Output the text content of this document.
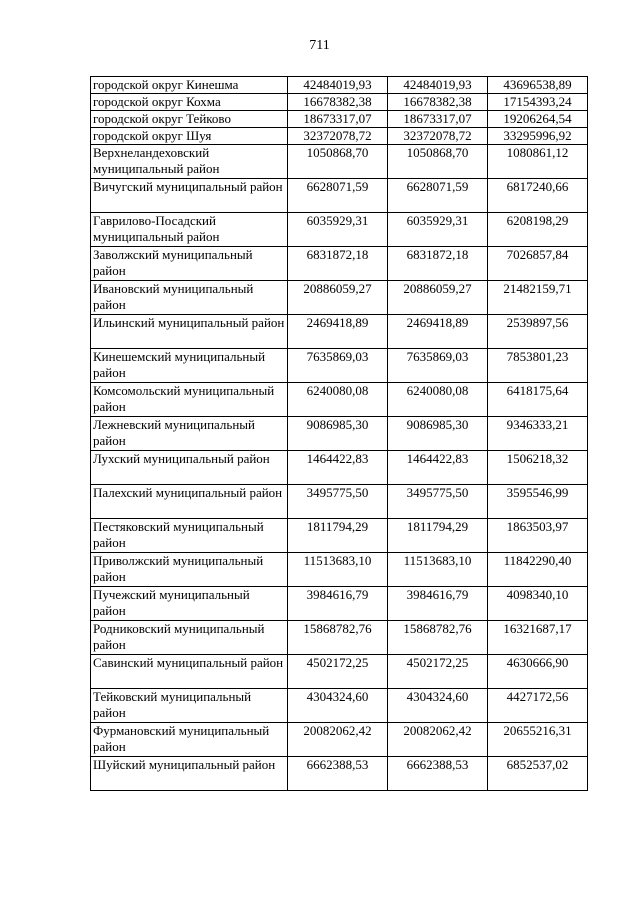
711
городской округ Кинешма	42484019,93	42484019,93	43696538,89
городской округ Кохма	16678382,38	16678382,38	17154393,24
городской округ Тейково	18673317,07	18673317,07	19206264,54
городской округ Шуя	32372078,72	32372078,72	33295996,92
Верхнеландеховский муниципальный район	1050868,70	1050868,70	1080861,12
Вичугский муниципальный район	6628071,59	6628071,59	6817240,66
Гаврилово-Посадский муниципальный район	6035929,31	6035929,31	6208198,29
Заволжский муниципальный район	6831872,18	6831872,18	7026857,84
Ивановский муниципальный район	20886059,27	20886059,27	21482159,71
Ильинский муниципальный район	2469418,89	2469418,89	2539897,56
Кинешемский муниципальный район	7635869,03	7635869,03	7853801,23
Комсомольский муниципальный район	6240080,08	6240080,08	6418175,64
Лежневский муниципальный район	9086985,30	9086985,30	9346333,21
Лухский муниципальный район	1464422,83	1464422,83	1506218,32
Палехский муниципальный район	3495775,50	3495775,50	3595546,99
Пестяковский муниципальный район	1811794,29	1811794,29	1863503,97
Приволжский муниципальный район	11513683,10	11513683,10	11842290,40
Пучежский муниципальный район	3984616,79	3984616,79	4098340,10
Родниковский муниципальный район	15868782,76	15868782,76	16321687,17
Савинский муниципальный район	4502172,25	4502172,25	4630666,90
Тейковский муниципальный район	4304324,60	4304324,60	4427172,56
Фурмановский муниципальный район	20082062,42	20082062,42	20655216,31
Шуйский муниципальный район	6662388,53	6662388,53	6852537,02
